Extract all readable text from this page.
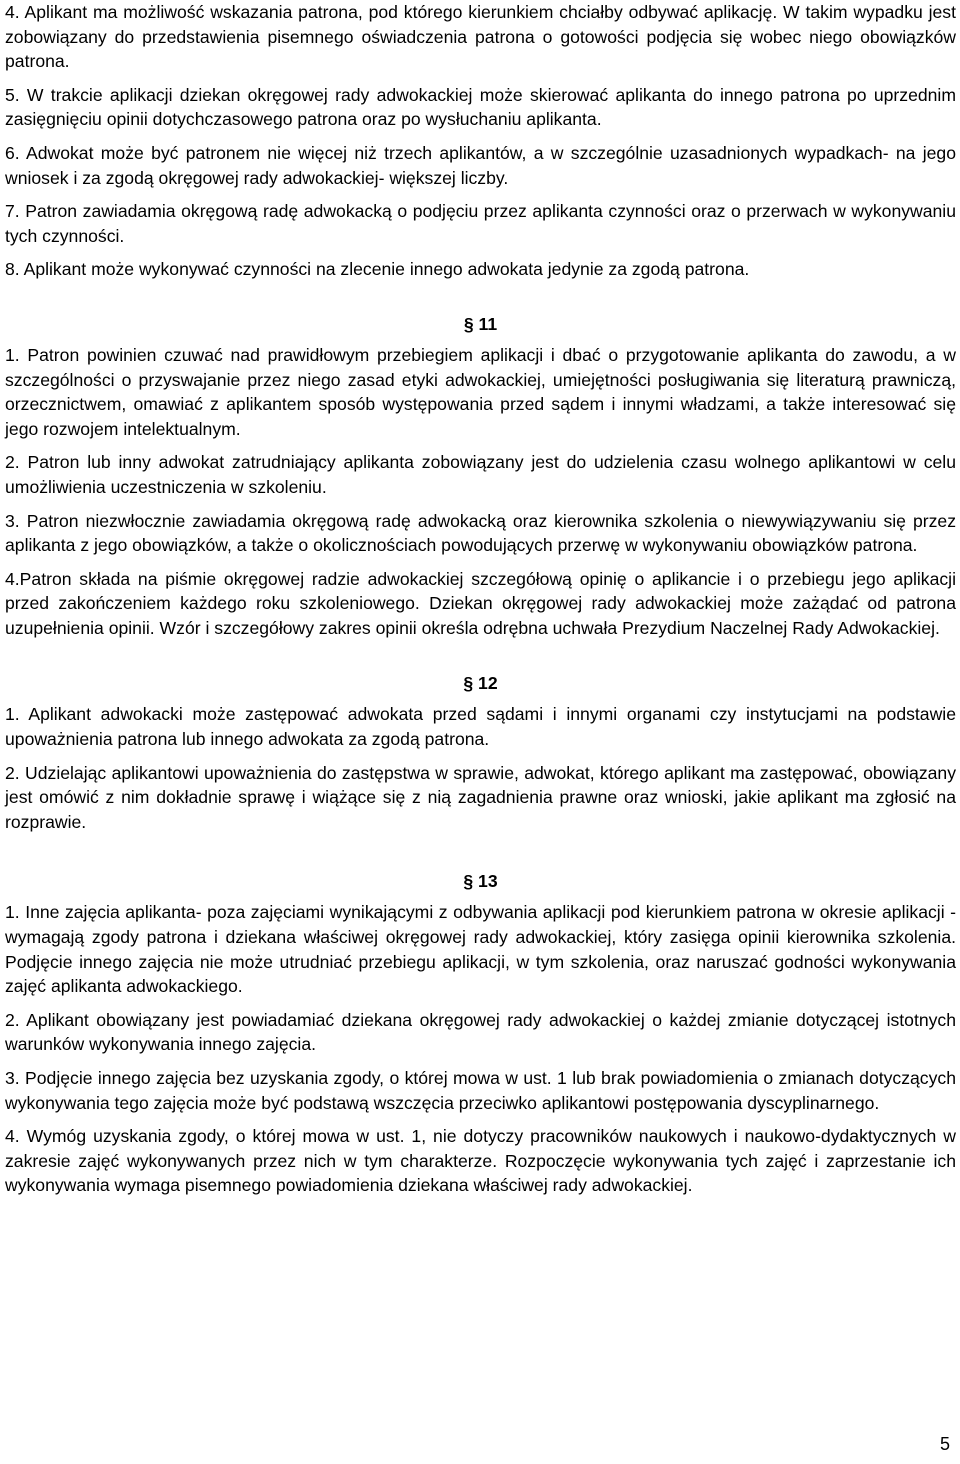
4. Aplikant ma możliwość wskazania patrona, pod którego kierunkiem chciałby odbywać aplikację. W takim wypadku jest zobowiązany do przedstawienia pisemnego oświadczenia patrona o gotowości podjęcia się wobec niego obowiązków patrona.

5. W trakcie aplikacji dziekan okręgowej rady adwokackiej może skierować aplikanta do innego patrona po uprzednim zasięgnięciu opinii dotychczasowego patrona oraz po wysłuchaniu aplikanta.

6. Adwokat może być patronem nie więcej niż trzech aplikantów, a w szczególnie uzasadnionych wypadkach- na jego wniosek i za zgodą okręgowej rady adwokackiej- większej liczby.

7. Patron zawiadamia okręgową radę adwokacką o podjęciu przez aplikanta czynności oraz o przerwach w wykonywaniu tych czynności.

8. Aplikant może wykonywać czynności na zlecenie innego adwokata jedynie za zgodą patrona.

§ 11

1. Patron powinien czuwać nad prawidłowym przebiegiem aplikacji i dbać o przygotowanie aplikanta do zawodu, a w szczególności o przyswajanie przez niego zasad etyki adwokackiej, umiejętności posługiwania się literaturą prawniczą, orzecznictwem, omawiać z aplikantem sposób występowania przed sądem i innymi władzami, a także interesować się jego rozwojem intelektualnym.

2. Patron lub inny adwokat zatrudniający aplikanta zobowiązany jest do udzielenia czasu wolnego aplikantowi w celu umożliwienia uczestniczenia w szkoleniu.

3. Patron niezwłocznie zawiadamia okręgową radę adwokacką oraz kierownika szkolenia o niewywiązywaniu się przez aplikanta z jego obowiązków, a także o okolicznościach powodujących przerwę w wykonywaniu obowiązków patrona.

4.Patron składa na piśmie okręgowej radzie adwokackiej szczegółową opinię o aplikancie i o przebiegu jego aplikacji przed zakończeniem każdego roku szkoleniowego. Dziekan okręgowej rady adwokackiej może zażądać od patrona uzupełnienia opinii. Wzór i szczegółowy zakres opinii określa odrębna uchwała Prezydium Naczelnej Rady Adwokackiej.

§ 12

1. Aplikant adwokacki może zastępować adwokata przed sądami i innymi organami czy instytucjami na podstawie upoważnienia patrona lub innego adwokata za zgodą patrona.

2. Udzielając aplikantowi upoważnienia do zastępstwa w sprawie, adwokat, którego aplikant ma zastępować, obowiązany jest omówić z nim dokładnie sprawę i wiążące się z nią zagadnienia prawne oraz wnioski, jakie aplikant ma zgłosić na rozprawie.

§ 13

1. Inne zajęcia aplikanta- poza zajęciami wynikającymi z odbywania aplikacji pod kierunkiem patrona w okresie aplikacji - wymagają zgody patrona i dziekana właściwej okręgowej rady adwokackiej, który zasięga opinii kierownika szkolenia. Podjęcie innego zajęcia nie może utrudniać przebiegu aplikacji, w tym szkolenia, oraz naruszać godności wykonywania zajęć aplikanta adwokackiego.

2. Aplikant obowiązany jest powiadamiać dziekana okręgowej rady adwokackiej o każdej zmianie dotyczącej istotnych warunków wykonywania innego zajęcia.

3. Podjęcie innego zajęcia bez uzyskania zgody, o której mowa w ust. 1 lub brak powiadomienia o zmianach dotyczących wykonywania tego zajęcia może być podstawą wszczęcia przeciwko aplikantowi postępowania dyscyplinarnego.

4. Wymóg uzyskania zgody, o której mowa w ust. 1, nie dotyczy pracowników naukowych i naukowo-dydaktycznych w zakresie zajęć wykonywanych przez nich w tym charakterze. Rozpoczęcie wykonywania tych zajęć i zaprzestanie ich wykonywania wymaga pisemnego powiadomienia dziekana właściwej rady adwokackiej.

5
